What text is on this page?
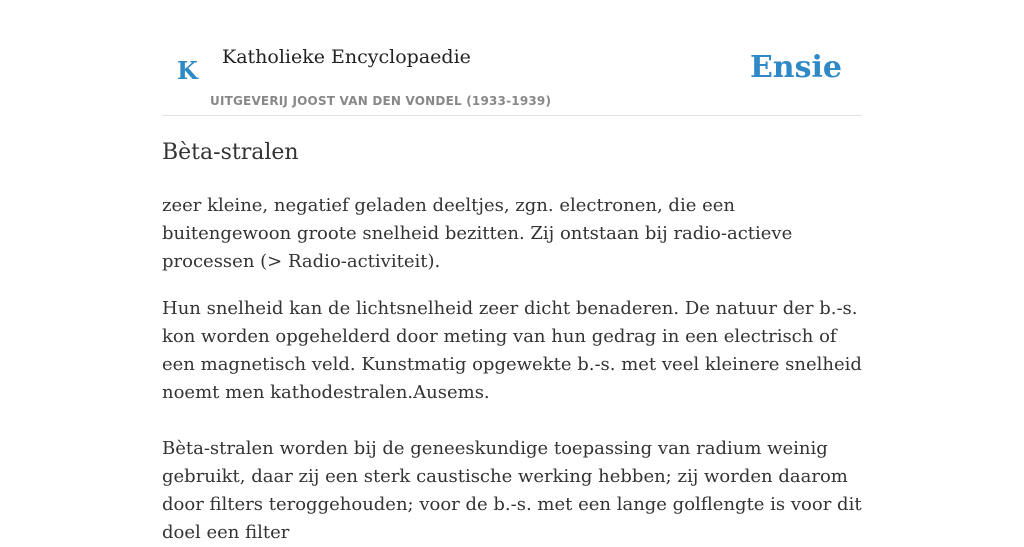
K Katholieke Encyclopaedie
UITGEVERIJ JOOST VAN DEN VONDEL (1933-1939)
Ensie
Bèta-stralen

zeer kleine, negatief geladen deeltjes, zgn. electronen, die een buitengewoon groote snelheid bezitten. Zij ontstaan bij radio-actieve processen (> Radio-activiteit).

Hun snelheid kan de lichtsnelheid zeer dicht benaderen. De natuur der b.-s. kon worden opgehelderd door meting van hun gedrag in een electrisch of een magnetisch veld. Kunstmatig opgewekte b.-s. met veel kleinere snelheid noemt men kathodestralen.Ausems.

Bèta-stralen worden bij de geneeskundige toepassing van radium weinig gebruikt, daar zij een sterk caustische werking hebben; zij worden daarom door filters teroggehouden; voor de b.-s. met een lange golflengte is voor dit doel een filter
